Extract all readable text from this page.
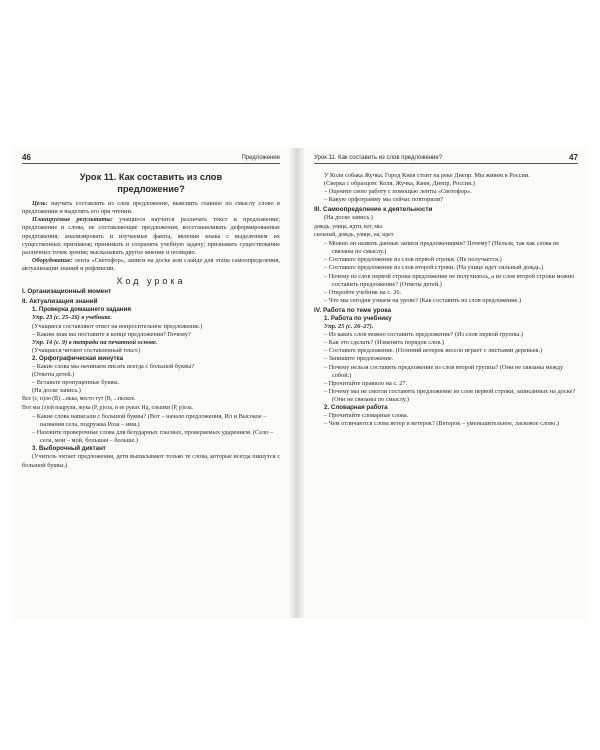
46	Предложение
Урок 11. Как составить из слов
предложение?
Цель: научить составлять из слов предложение, выяснить главное по смыслу слово в предложении и выделять его при чтении.
Планируемые результаты: учащиеся научатся различать текст и предложение; предложение и слова, не составляющие предложения; восстанавливать деформированные предложения; анализировать и изучаемые факты, явления языка с выделением их существенных признаков; принимать и сохранять учебную задачу; признавать существование различных точек зрения; высказывать другое мнение и позицию.
Оборудование: лента «Светофор», записи на доске или слайде для этапа самоопределения, актуализации знаний и рефлексии.
Ход урока
I. Организационный момент
II. Актуализация знаний
1. Проверка домашнего задания
Упр. 23 (с. 25–26) в учебнике.
(Учащиеся составляют ответ на вопросительное предложение.)
– Каким знак вы поставите в конце предложения? Почему?
Упр. 14 (с. 9) в тетради на печатной основе.
(Учащиеся читают составленный текст.)
2. Орфографическая минутка
– Какие слова мы начинаем писать всегда с большой буквы?
(Ответы детей.)
– Вставьте пропущенные буквы.
(На доске запись.)
Все (с, н)ло (В) ...нька, место тут (В, ...ньское.
Вот мы (з)ой пацрули, жука (Р, р)оза, и ее руках Ид, ольшки (Р, р)оза.
– Какие слова написали с большой буквы? (Вот – начало предложения, Ил и Высокое – названия села, подружка Роза – имя.)
– Назовите проверочные слова для безударных гласных, проверяемых ударением. (Село – села, мои – мой, большая – больше.)
3. Выборочный диктант
(Учитель читает предложения, дети выписывают только те слова, которые всегда пишутся с большой буквы.)
Урок 11. Как составить из слов предложение?	47
У Коли собака Жучка. Город Киев стоит на реке Днепр. Мы живем в России.
(Сверка с образцом: Коля, Жучка, Киев, Днепр, Россия.)
– Оцените свою работу с помощью ленты «Светофор».
– Какую орфограмму мы сейчас повторили?
III. Самоопределение к деятельности
(На доске запись.)
дождь, улица, идти, кот, мы
сильный, дождь, улице, на, идет
– Можно ли назвать данные записи предложениями? Почему? (Нельзя, так как слова не связаны по смыслу.)
– Составьте предложение из слов первой строки. (Не получается.)
– Составьте предложение из слов второй строки. (На улице идет сильный дождь.)
– Почему из слов первой строки предложение не получилось, а из слов второй строки можно составить предложение? (Ответы детей.)
– Откройте учебник на с. 26.
– Что мы сегодня узнаем на уроке? (Как составить из слов предложение.)
IV. Работа по теме урока
1. Работа по учебнику
Упр. 25 (с. 26–27).
– Из каких слов можно составить предложение? (Из слов первой группы.)
– Как это сделать? (Изменить порядок слов.)
– Составьте предложение. (Осенний ветерок весело играет с листьями деревьев.)
– Запишите предложение.
– Почему нельзя составить предложение из слов второй группы? (Они не связаны между собой.)
– Прочитайте правило на с. 27.
– Почему мы не смогли составить предложение из слов первой строки, записанных на доске? (Они не связаны по смыслу.)
2. Словарная работа
– Прочитайте словарные слова.
– Чем отличаются слова ветер и ветерок? (Ветерок – уменьшительное, ласковое слово.)
